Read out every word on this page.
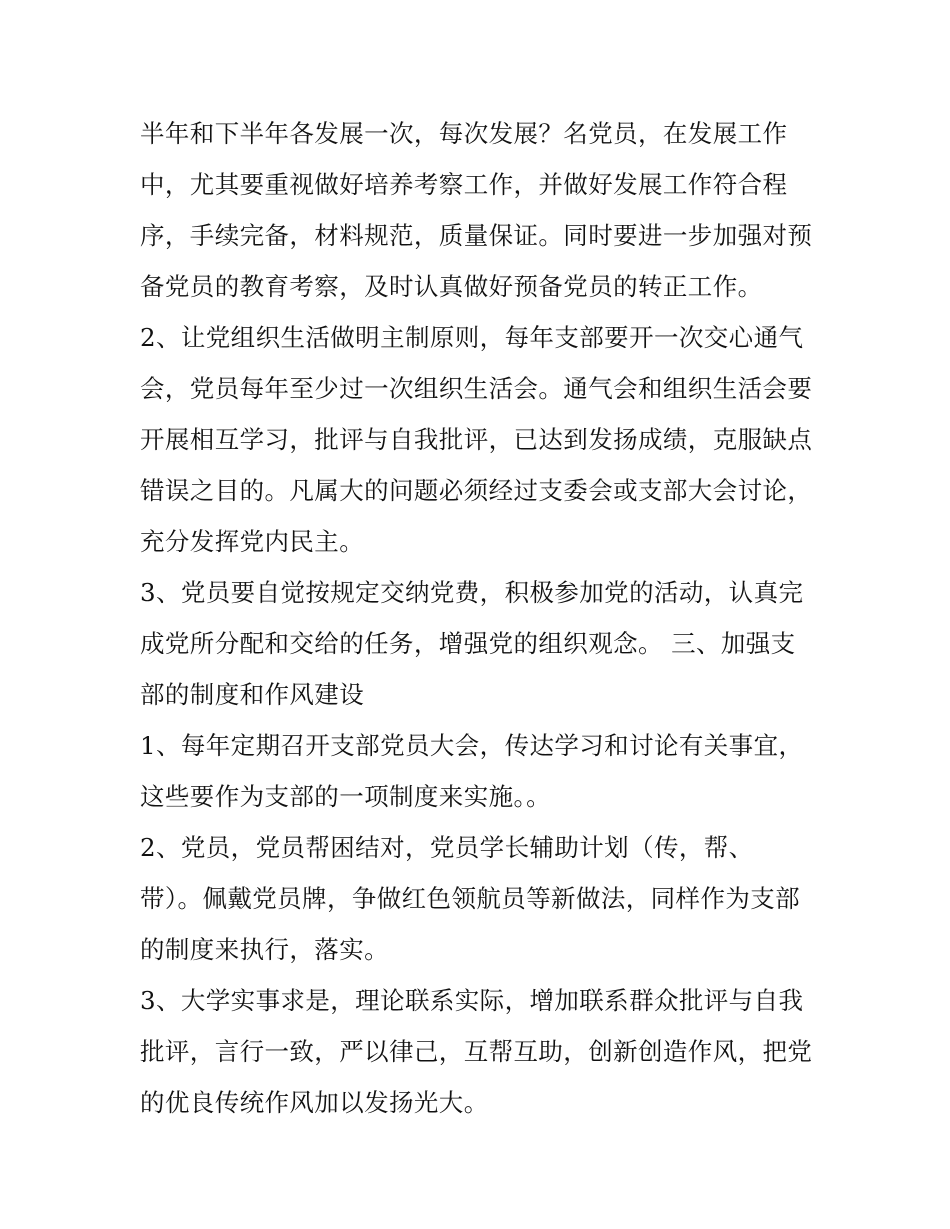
半年和下半年各发展一次，每次发展？名党员，在发展工作
中，尤其要重视做好培养考察工作，并做好发展工作符合程
序，手续完备，材料规范，质量保证。同时要进一步加强对预
备党员的教育考察，及时认真做好预备党员的转正工作。
2、让党组织生活做明主制原则，每年支部要开一次交心通气
会，党员每年至少过一次组织生活会。通气会和组织生活会要
开展相互学习，批评与自我批评，已达到发扬成绩，克服缺点
错误之目的。凡属大的问题必须经过支委会或支部大会讨论，
充分发挥党内民主。
3、党员要自觉按规定交纳党费，积极参加党的活动，认真完
成党所分配和交给的任务，增强党的组织观念。 三、加强支
部的制度和作风建设
1、每年定期召开支部党员大会，传达学习和讨论有关事宜，
这些要作为支部的一项制度来实施。。
2、党员，党员帮困结对，党员学长辅助计划（传，帮、
带）。佩戴党员牌，争做红色领航员等新做法，同样作为支部
的制度来执行，落实。
3、大学实事求是，理论联系实际，增加联系群众批评与自我
批评，言行一致，严以律己，互帮互助，创新创造作风，把党
的优良传统作风加以发扬光大。
